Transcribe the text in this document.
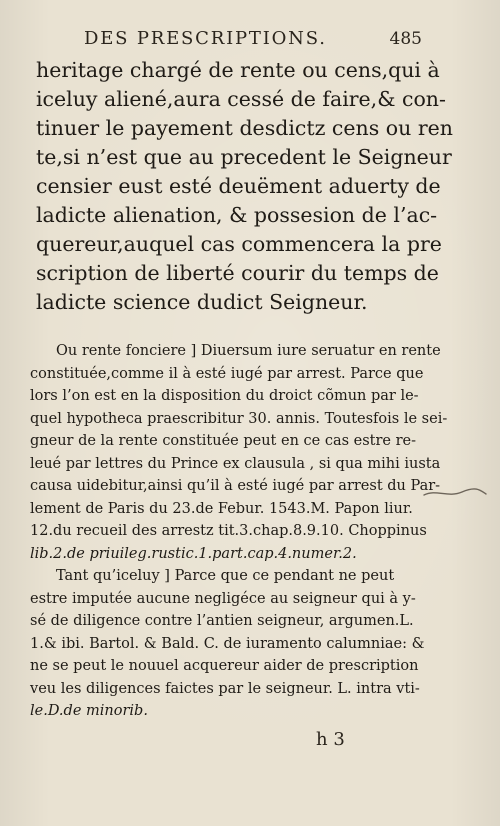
DES PRESCRIPTIONS.	485
heritage chargé de rente ou cens,qui à
iceluy aliené,aura cessé de faire,& con-
tinuer le payement desdictz cens ou ren
te,si n’est que au precedent le Seigneur
censier eust esté deuëment aduerty de
ladicte alienation, & possesion de l’ac-
quereur,auquel cas commencera la pre
scription de liberté courir du temps de
ladicte science dudict Seigneur.
Ou rente fonciere ] Diuersum iure seruatur en rente
constituée,comme il à esté iugé par arrest. Parce que
lors l’on est en la disposition du droict cõmun par le-
quel hypotheca praescribitur 30. annis. Toutesfois le sei-
gneur de la rente constituée peut en ce cas estre re-
leué par lettres du Prince ex clausula , si qua mihi iusta
causa uidebitur,ainsi qu’il à esté iugé par arrest du Par-
lement de Paris du 23.de Febur. 1543.M. Papon liur.
12.du recueil des arrestz tit.3.chap.8.9.10. Choppinus
lib.2.de priuileg.rustic.1.part.cap.4.numer.2.
Tant qu’iceluy ] Parce que ce pendant ne peut
estre imputée aucune negligéce au seigneur qui à y-
sé de diligence contre l’antien seigneur, argumen.L.
1.& ibi. Bartol. & Bald. C. de iuramento calumniae: &
ne se peut le nouuel acquereur aider de prescription
veu les diligences faictes par le seigneur. L. intra vti-
le.D.de minorib.
h 3
